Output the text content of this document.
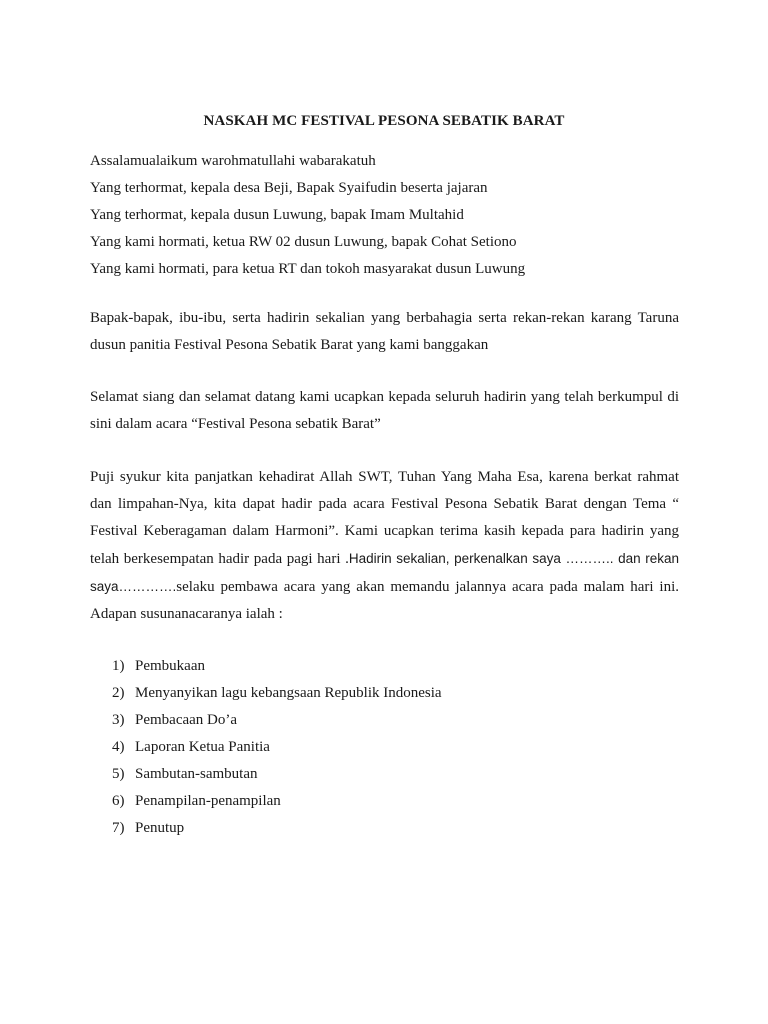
NASKAH MC FESTIVAL PESONA SEBATIK BARAT
Assalamualaikum warohmatullahi wabarakatuh
Yang terhormat, kepala desa Beji, Bapak Syaifudin beserta jajaran
Yang terhormat, kepala dusun Luwung, bapak Imam Multahid
Yang kami hormati, ketua RW 02 dusun Luwung, bapak Cohat Setiono
Yang kami hormati, para ketua RT dan tokoh masyarakat dusun Luwung
Bapak-bapak, ibu-ibu, serta hadirin sekalian yang berbahagia serta rekan-rekan karang Taruna dusun panitia Festival Pesona Sebatik Barat yang kami banggakan
Selamat siang dan selamat datang kami ucapkan kepada seluruh hadirin yang telah berkumpul di sini dalam acara “Festival Pesona sebatik Barat”
Puji syukur kita panjatkan kehadirat Allah SWT, Tuhan Yang Maha Esa, karena berkat rahmat dan limpahan-Nya, kita dapat hadir pada acara Festival Pesona Sebatik Barat dengan Tema “ Festival Keberagaman dalam Harmoni”. Kami ucapkan terima kasih kepada para hadirin yang telah berkesempatan hadir pada pagi hari .Hadirin sekalian, perkenalkan saya ……….. dan rekan saya………….selaku pembawa acara yang akan memandu jalannya acara pada malam hari ini. Adapan susunanacaranya ialah :
1) Pembukaan
2) Menyanyikan lagu kebangsaan Republik Indonesia
3) Pembacaan Do’a
4) Laporan Ketua Panitia
5) Sambutan-sambutan
6) Penampilan-penampilan
7) Penutup
